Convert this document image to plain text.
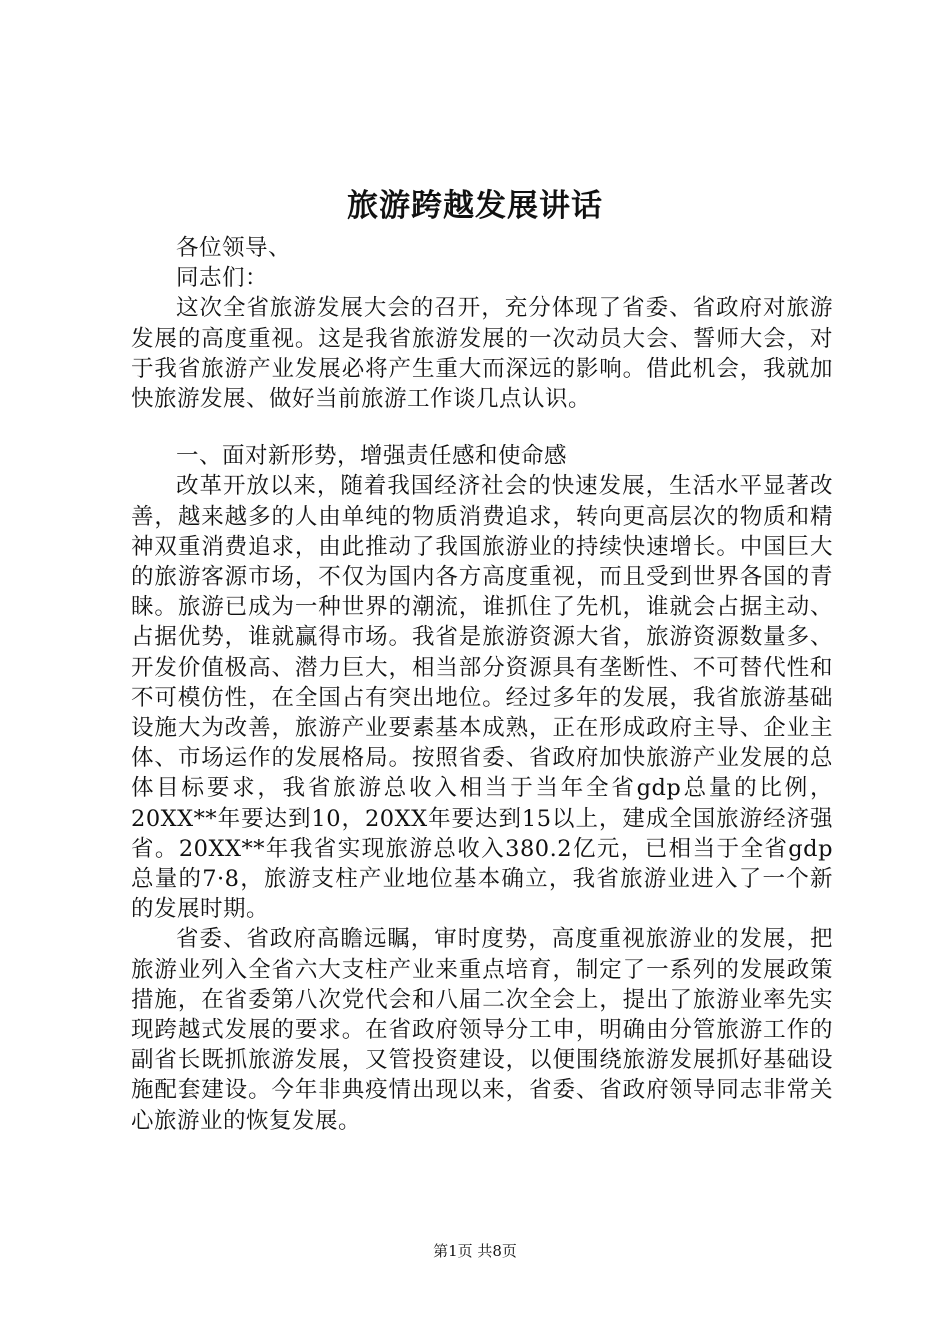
旅游跨越发展讲话

各位领导、

同志们：

这次全省旅游发展大会的召开，充分体现了省委、省政府对旅游发展的高度重视。这是我省旅游发展的一次动员大会、誓师大会，对于我省旅游产业发展必将产生重大而深远的影响。借此机会，我就加快旅游发展、做好当前旅游工作谈几点认识。

一、面对新形势，增强责任感和使命感

改革开放以来，随着我国经济社会的快速发展，生活水平显著改善，越来越多的人由单纯的物质消费追求，转向更高层次的物质和精神双重消费追求，由此推动了我国旅游业的持续快速增长。中国巨大的旅游客源市场，不仅为国内各方高度重视，而且受到世界各国的青睐。旅游已成为一种世界的潮流，谁抓住了先机，谁就会占据主动、占据优势，谁就赢得市场。我省是旅游资源大省，旅游资源数量多、开发价值极高、潜力巨大，相当部分资源具有垄断性、不可替代性和不可模仿性，在全国占有突出地位。经过多年的发展，我省旅游基础设施大为改善，旅游产业要素基本成熟，正在形成政府主导、企业主体、市场运作的发展格局。按照省委、省政府加快旅游产业发展的总体目标要求，我省旅游总收入相当于当年全省gdp总量的比例，20XX**年要达到10，20XX年要达到15以上，建成全国旅游经济强省。20XX**年我省实现旅游总收入380.2亿元，已相当于全省gdp总量的7·8，旅游支柱产业地位基本确立，我省旅游业进入了一个新的发展时期。

省委、省政府高瞻远瞩，审时度势，高度重视旅游业的发展，把旅游业列入全省六大支柱产业来重点培育，制定了一系列的发展政策措施，在省委第八次党代会和八届二次全会上，提出了旅游业率先实现跨越式发展的要求。在省政府领导分工申，明确由分管旅游工作的副省长既抓旅游发展，又管投资建设，以便围绕旅游发展抓好基础设施配套建设。今年非典疫情出现以来，省委、省政府领导同志非常关心旅游业的恢复发展。

第1页 共8页
